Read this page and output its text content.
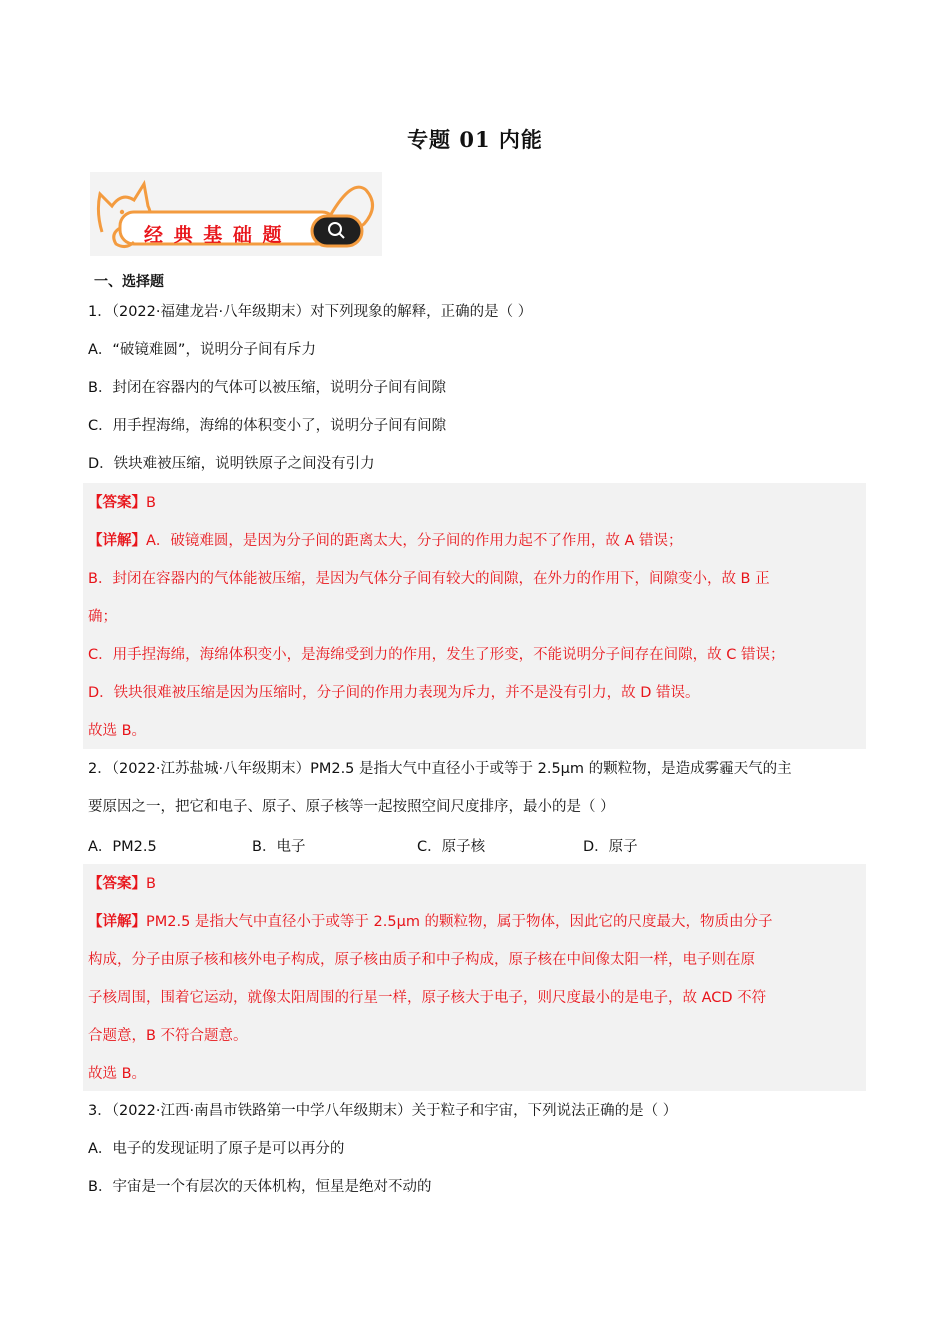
专题 01 内能
经 典 基 础 题
一、选择题
1．（2022·福建龙岩·八年级期末）对下列现象的解释，正确的是（ ）
A．“破镜难圆”，说明分子间有斥力
B．封闭在容器内的气体可以被压缩，说明分子间有间隙
C．用手捏海绵，海绵的体积变小了，说明分子间有间隙
D．铁块难被压缩，说明铁原子之间没有引力
【答案】B
【详解】A．破镜难圆，是因为分子间的距离太大，分子间的作用力起不了作用，故 A 错误；
B．封闭在容器内的气体能被压缩，是因为气体分子间有较大的间隙，在外力的作用下，间隙变小，故 B 正
确；
C．用手捏海绵，海绵体积变小，是海绵受到力的作用，发生了形变，不能说明分子间存在间隙，故 C 错误；
D．铁块很难被压缩是因为压缩时，分子间的作用力表现为斥力，并不是没有引力，故 D 错误。
故选 B。
2．（2022·江苏盐城·八年级期末）PM2.5 是指大气中直径小于或等于 2.5μm 的颗粒物，是造成雾霾天气的主
要原因之一，把它和电子、原子、原子核等一起按照空间尺度排序，最小的是（ ）
A．PM2.5	B．电子	C．原子核	D．原子
【答案】B
【详解】PM2.5 是指大气中直径小于或等于 2.5μm 的颗粒物，属于物体，因此它的尺度最大，物质由分子
构成，分子由原子核和核外电子构成，原子核由质子和中子构成，原子核在中间像太阳一样，电子则在原
子核周围，围着它运动，就像太阳周围的行星一样，原子核大于电子，则尺度最小的是电子，故 ACD 不符
合题意，B 不符合题意。
故选 B。
3．（2022·江西·南昌市铁路第一中学八年级期末）关于粒子和宇宙，下列说法正确的是（ ）
A．电子的发现证明了原子是可以再分的
B．宇宙是一个有层次的天体机构，恒星是绝对不动的
